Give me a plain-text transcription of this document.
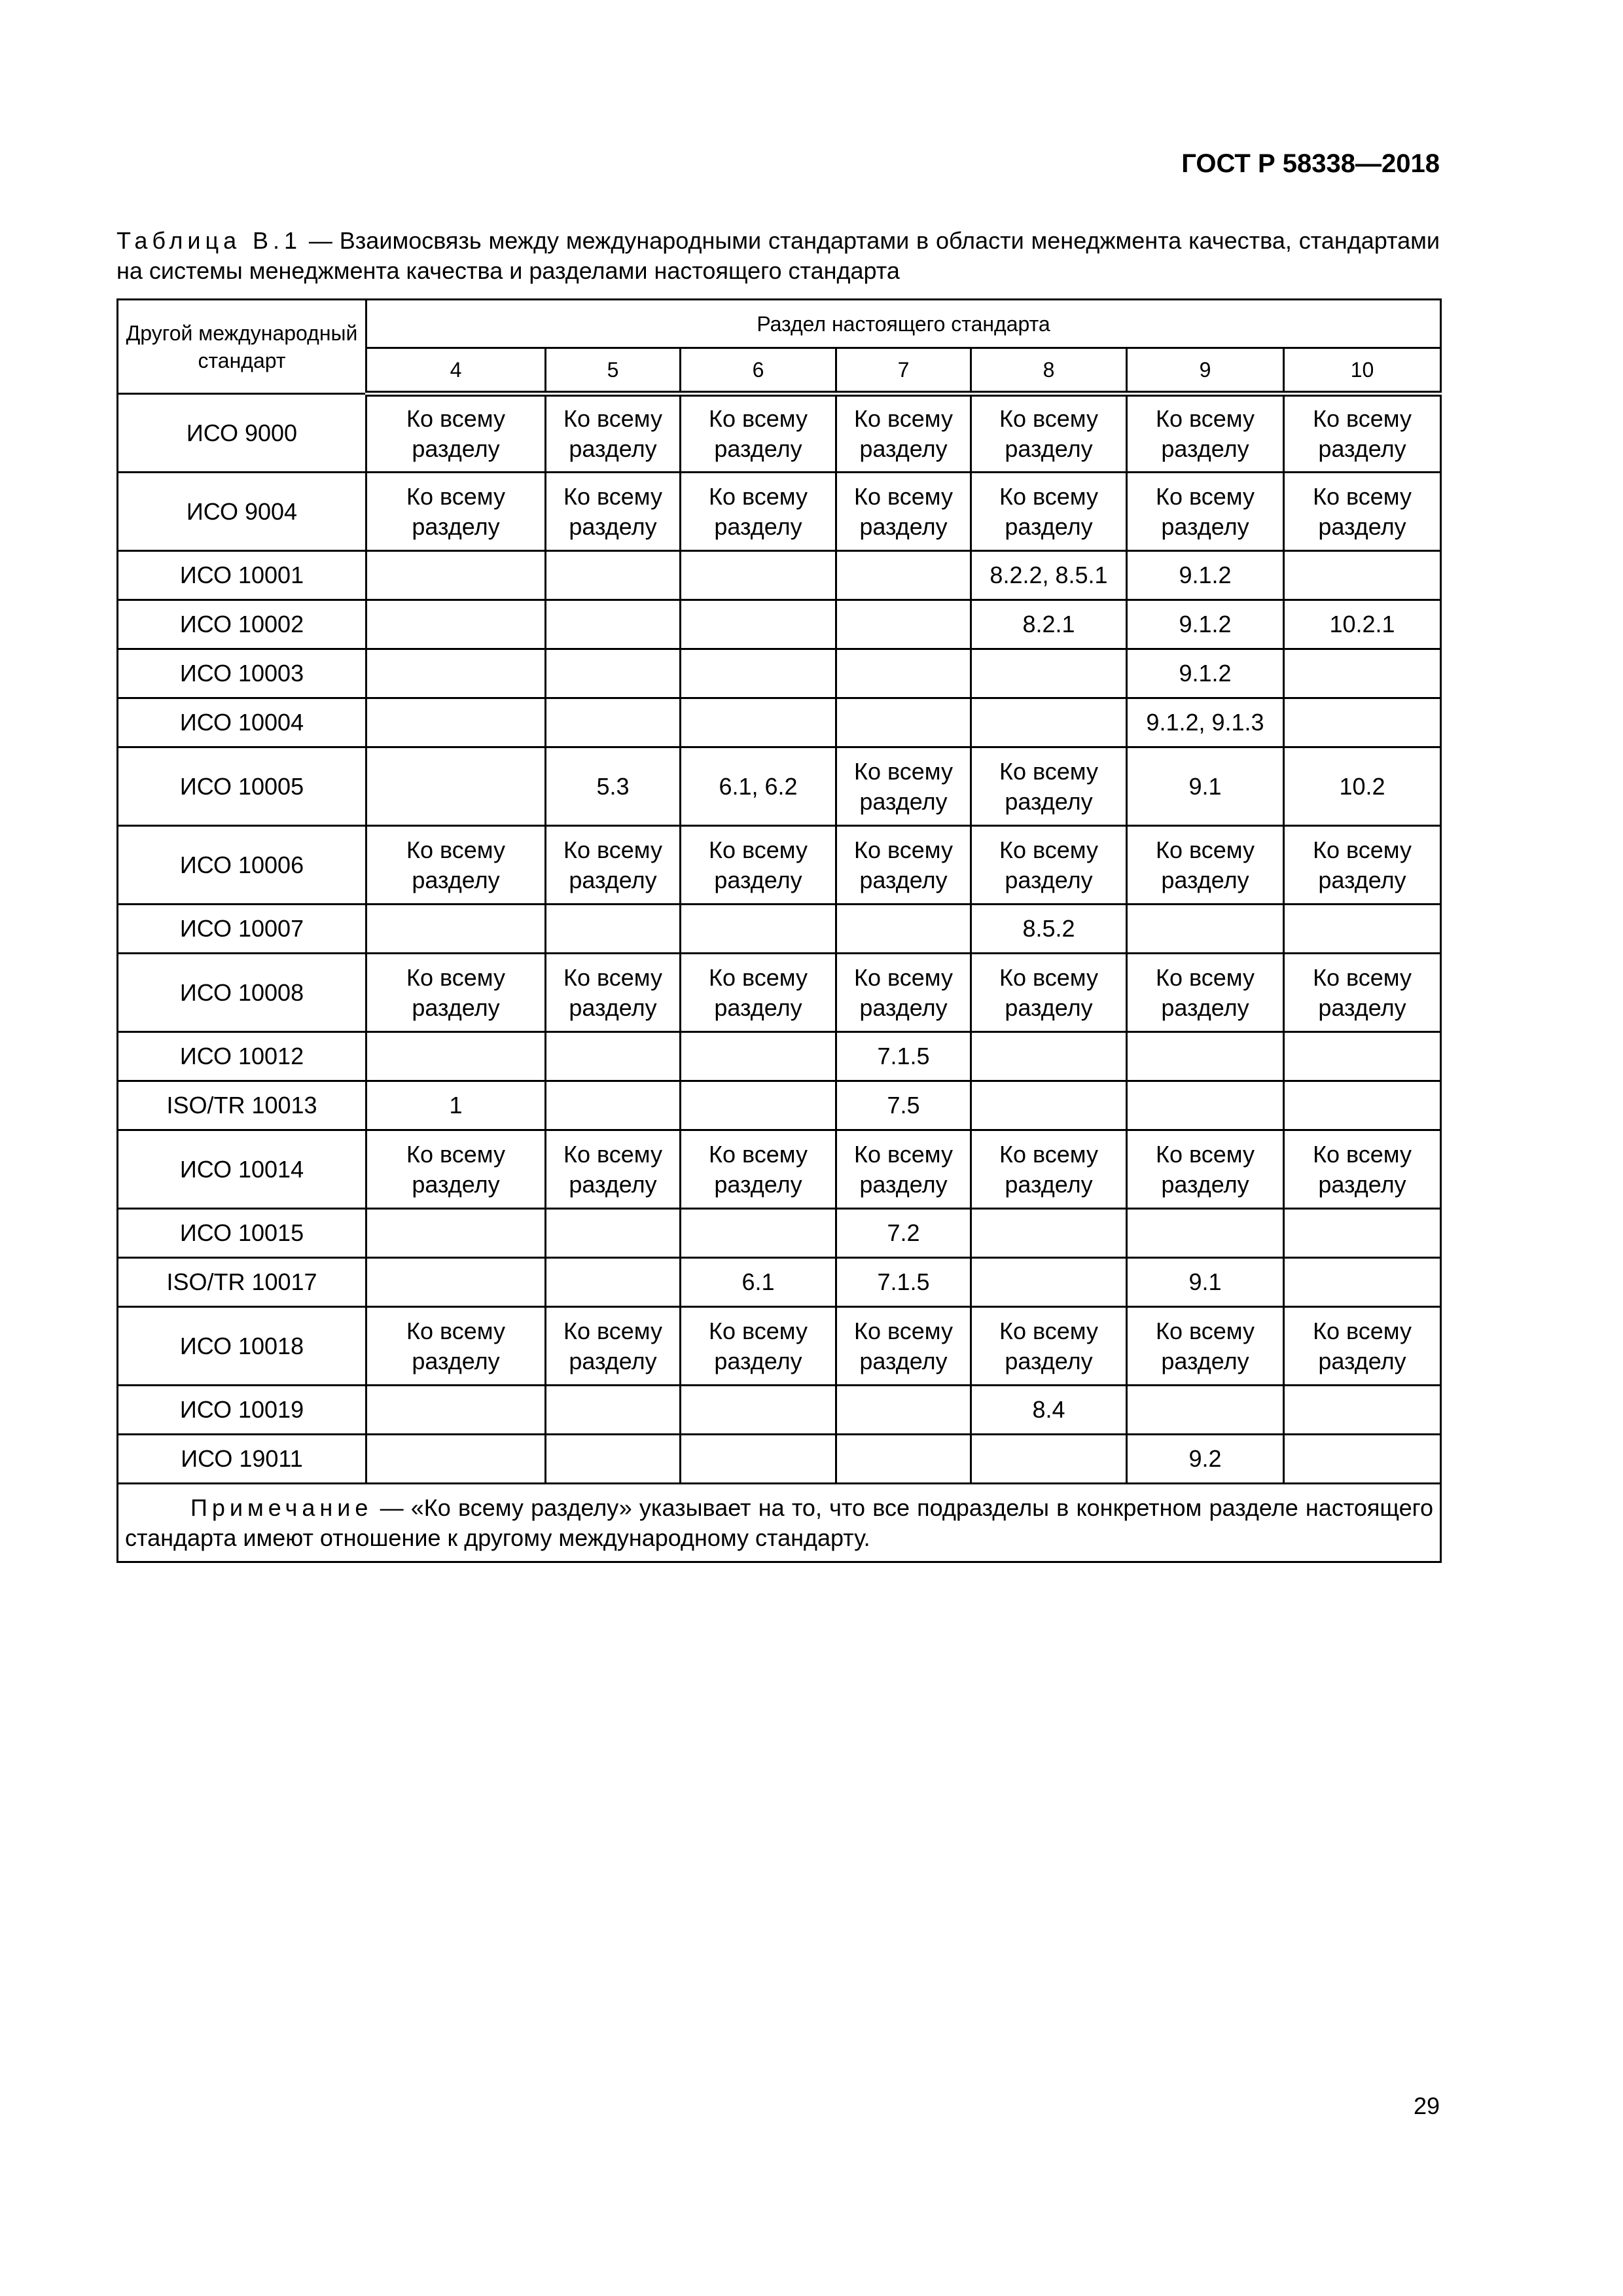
ГОСТ Р 58338—2018
Таблица В.1 — Взаимосвязь между международными стандартами в области менеджмента качества, стандартами на системы менеджмента качества и разделами настоящего стандарта
Другой международный стандарт	Раздел настоящего стандарта						
	4	5	6	7	8	9	10
ИСО 9000	Ко всему разделу	Ко всему разделу	Ко всему разделу	Ко всему разделу	Ко всему разделу	Ко всему разделу	Ко всему разделу
ИСО 9004	Ко всему разделу	Ко всему разделу	Ко всему разделу	Ко всему разделу	Ко всему разделу	Ко всему разделу	Ко всему разделу
ИСО 10001					8.2.2, 8.5.1	9.1.2	
ИСО 10002					8.2.1	9.1.2	10.2.1
ИСО 10003						9.1.2	
ИСО 10004						9.1.2, 9.1.3	
ИСО 10005		5.3	6.1, 6.2	Ко всему разделу	Ко всему разделу	9.1	10.2
ИСО 10006	Ко всему разделу	Ко всему разделу	Ко всему разделу	Ко всему разделу	Ко всему разделу	Ко всему разделу	Ко всему разделу
ИСО 10007					8.5.2		
ИСО 10008	Ко всему разделу	Ко всему разделу	Ко всему разделу	Ко всему разделу	Ко всему разделу	Ко всему разделу	Ко всему разделу
ИСО 10012				7.1.5			
ISO/TR 10013	1			7.5			
ИСО 10014	Ко всему разделу	Ко всему разделу	Ко всему разделу	Ко всему разделу	Ко всему разделу	Ко всему разделу	Ко всему разделу
ИСО 10015				7.2			
ISO/TR 10017			6.1	7.1.5		9.1	
ИСО 10018	Ко всему разделу	Ко всему разделу	Ко всему разделу	Ко всему разделу	Ко всему разделу	Ко всему разделу	Ко всему разделу
ИСО 10019					8.4		
ИСО 19011						9.2	
Примечание — «Ко всему разделу» указывает на то, что все подразделы в конкретном разделе настоящего стандарта имеют отношение к другому международному стандарту.							
29
